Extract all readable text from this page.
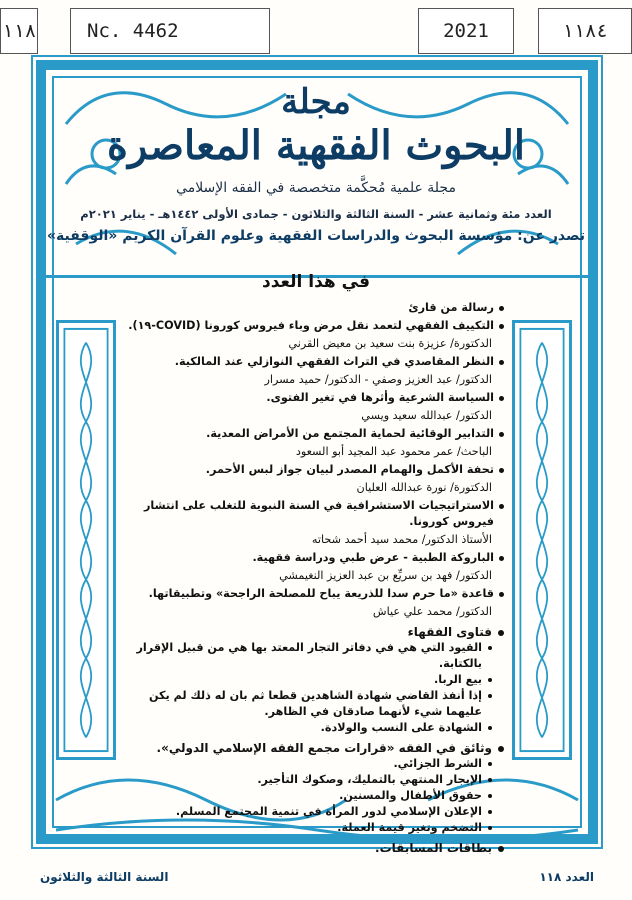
١١٨	Nc. 4462	2021	١١٨٤
مجلة
البحوث الفقهية المعاصرة
مجلة علمية مُحكَّمة متخصصة في الفقه الإسلامي
العدد مئة وثمانية عشر - السنة الثالثة والثلاثون - جمادى الأولى ١٤٤٢هـ - يناير ٢٠٢١م
تصدر عن: مؤسسة البحوث والدراسات الفقهية وعلوم القرآن الكريم «الوقفية»
في هذا العدد
رسالة من قارئ
التكييف الفقهي لتعمد نقل مرض وباء فيروس كورونا (COVID-١٩).
الدكتورة/ عزيزة بنت سعيد بن معيض القرني
النظر المقاصدي في التراث الفقهي النوازلي عند المالكية.
الدكتور/ عبد العزيز وصفي - الدكتور/ حميد مسرار
السياسة الشرعية وأثرها في تغير الفتوى.
الدكتور/ عبدالله سعيد ويسي
التدابير الوقائية لحماية المجتمع من الأمراض المعدية.
الباحث/ عمر محمود عبد المجيد أبو السعود
تحفة الأكمل والهمام المصدر لبيان جواز لبس الأحمر.
الدكتورة/ نورة عبدالله العليان
الاستراتيجيات الاستشرافية في السنة النبوية للتغلب على انتشار فيروس كورونا.
الأستاذ الدكتور/ محمد سيد أحمد شحاته
الباروكة الطبية - عرض طبي ودراسة فقهية.
الدكتور/ فهد بن سريِّع بن عبد العزيز النغيمشي
قاعدة «ما حرم سدا للذريعة يباح للمصلحة الراجحة» وتطبيقاتها.
الدكتور/ محمد علي عياش
فتاوى الفقهاء
القيود التي هي في دفاتر التجار المعتد بها هي من قبيل الإقرار بالكتابة.
بيع الربا.
إذا أنفذ القاضي شهادة الشاهدين قطعا ثم بان له ذلك لم يكن عليهما شيء لأنهما صادقان في الظاهر.
الشهادة على النسب والولادة.
وثائق في الفقه «قرارات مجمع الفقه الإسلامي الدولي».
الشرط الجزائي.
الإيجار المنتهي بالتمليك، وصكوك التأجير.
حقوق الأطفال والمسنين.
الإعلان الإسلامي لدور المرأة في تنمية المجتمع المسلم.
التضخم وتغير قيمة العملة.
بطاقات المسابقات.
العدد ١١٨
السنة الثالثة والثلاثون
